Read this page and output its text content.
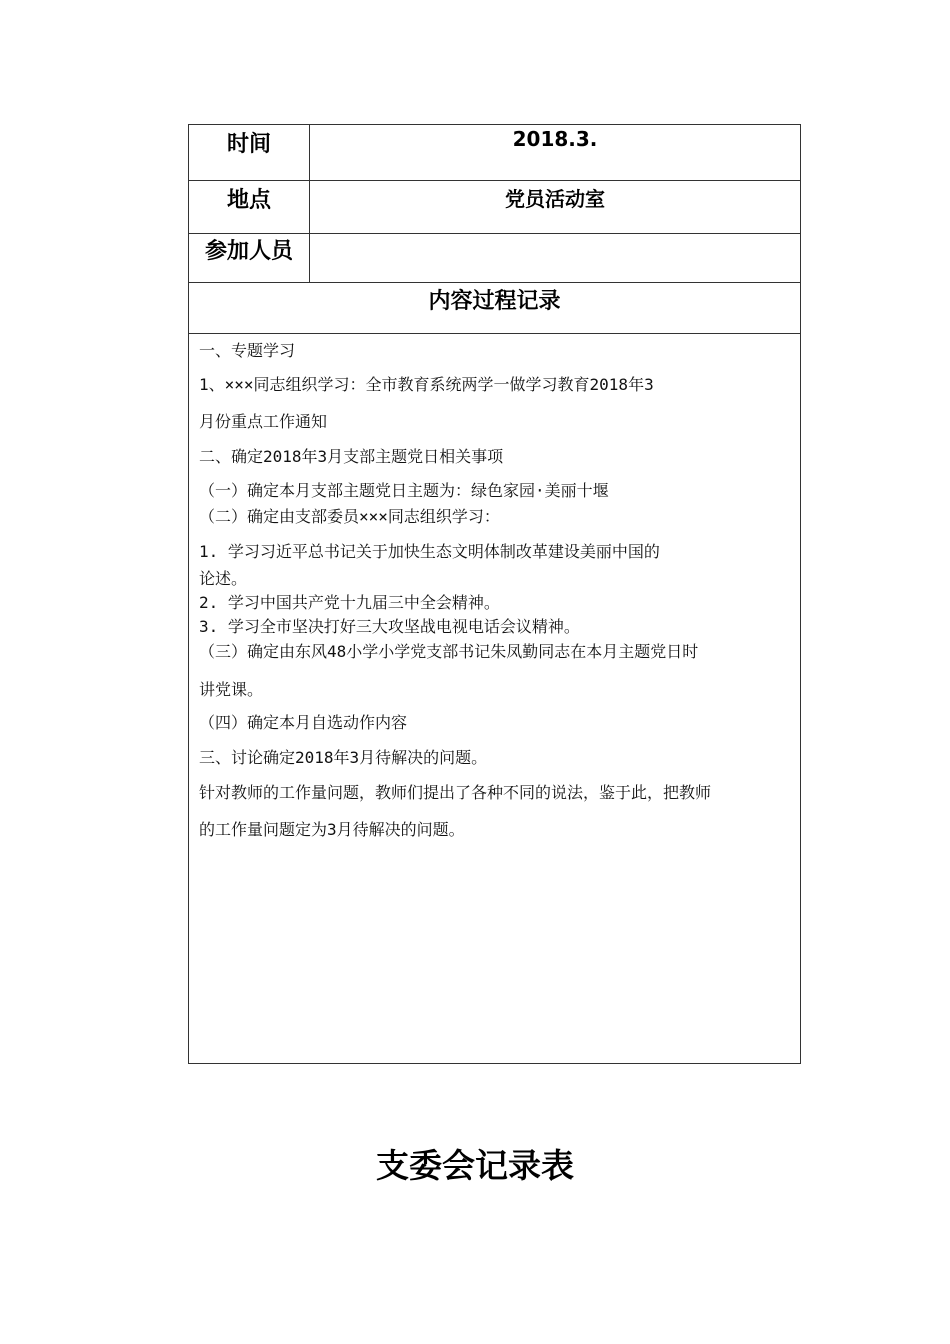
时间	2018.3.
地点	党员活动室
参加人员
内容过程记录
一、专题学习
1、×××同志组织学习：全市教育系统两学一做学习教育2018年3
月份重点工作通知
二、确定2018年3月支部主题党日相关事项
（一）确定本月支部主题党日主题为：绿色家园·美丽十堰
（二）确定由支部委员×××同志组织学习：
1. 学习习近平总书记关于加快生态文明体制改革建设美丽中国的
论述。
2. 学习中国共产党十九届三中全会精神。
3. 学习全市坚决打好三大攻坚战电视电话会议精神。
（三）确定由东风48小学小学党支部书记朱凤勤同志在本月主题党日时
讲党课。
（四）确定本月自选动作内容
三、讨论确定2018年3月待解决的问题。
针对教师的工作量问题，教师们提出了各种不同的说法，鉴于此，把教师
的工作量问题定为3月待解决的问题。
支委会记录表
